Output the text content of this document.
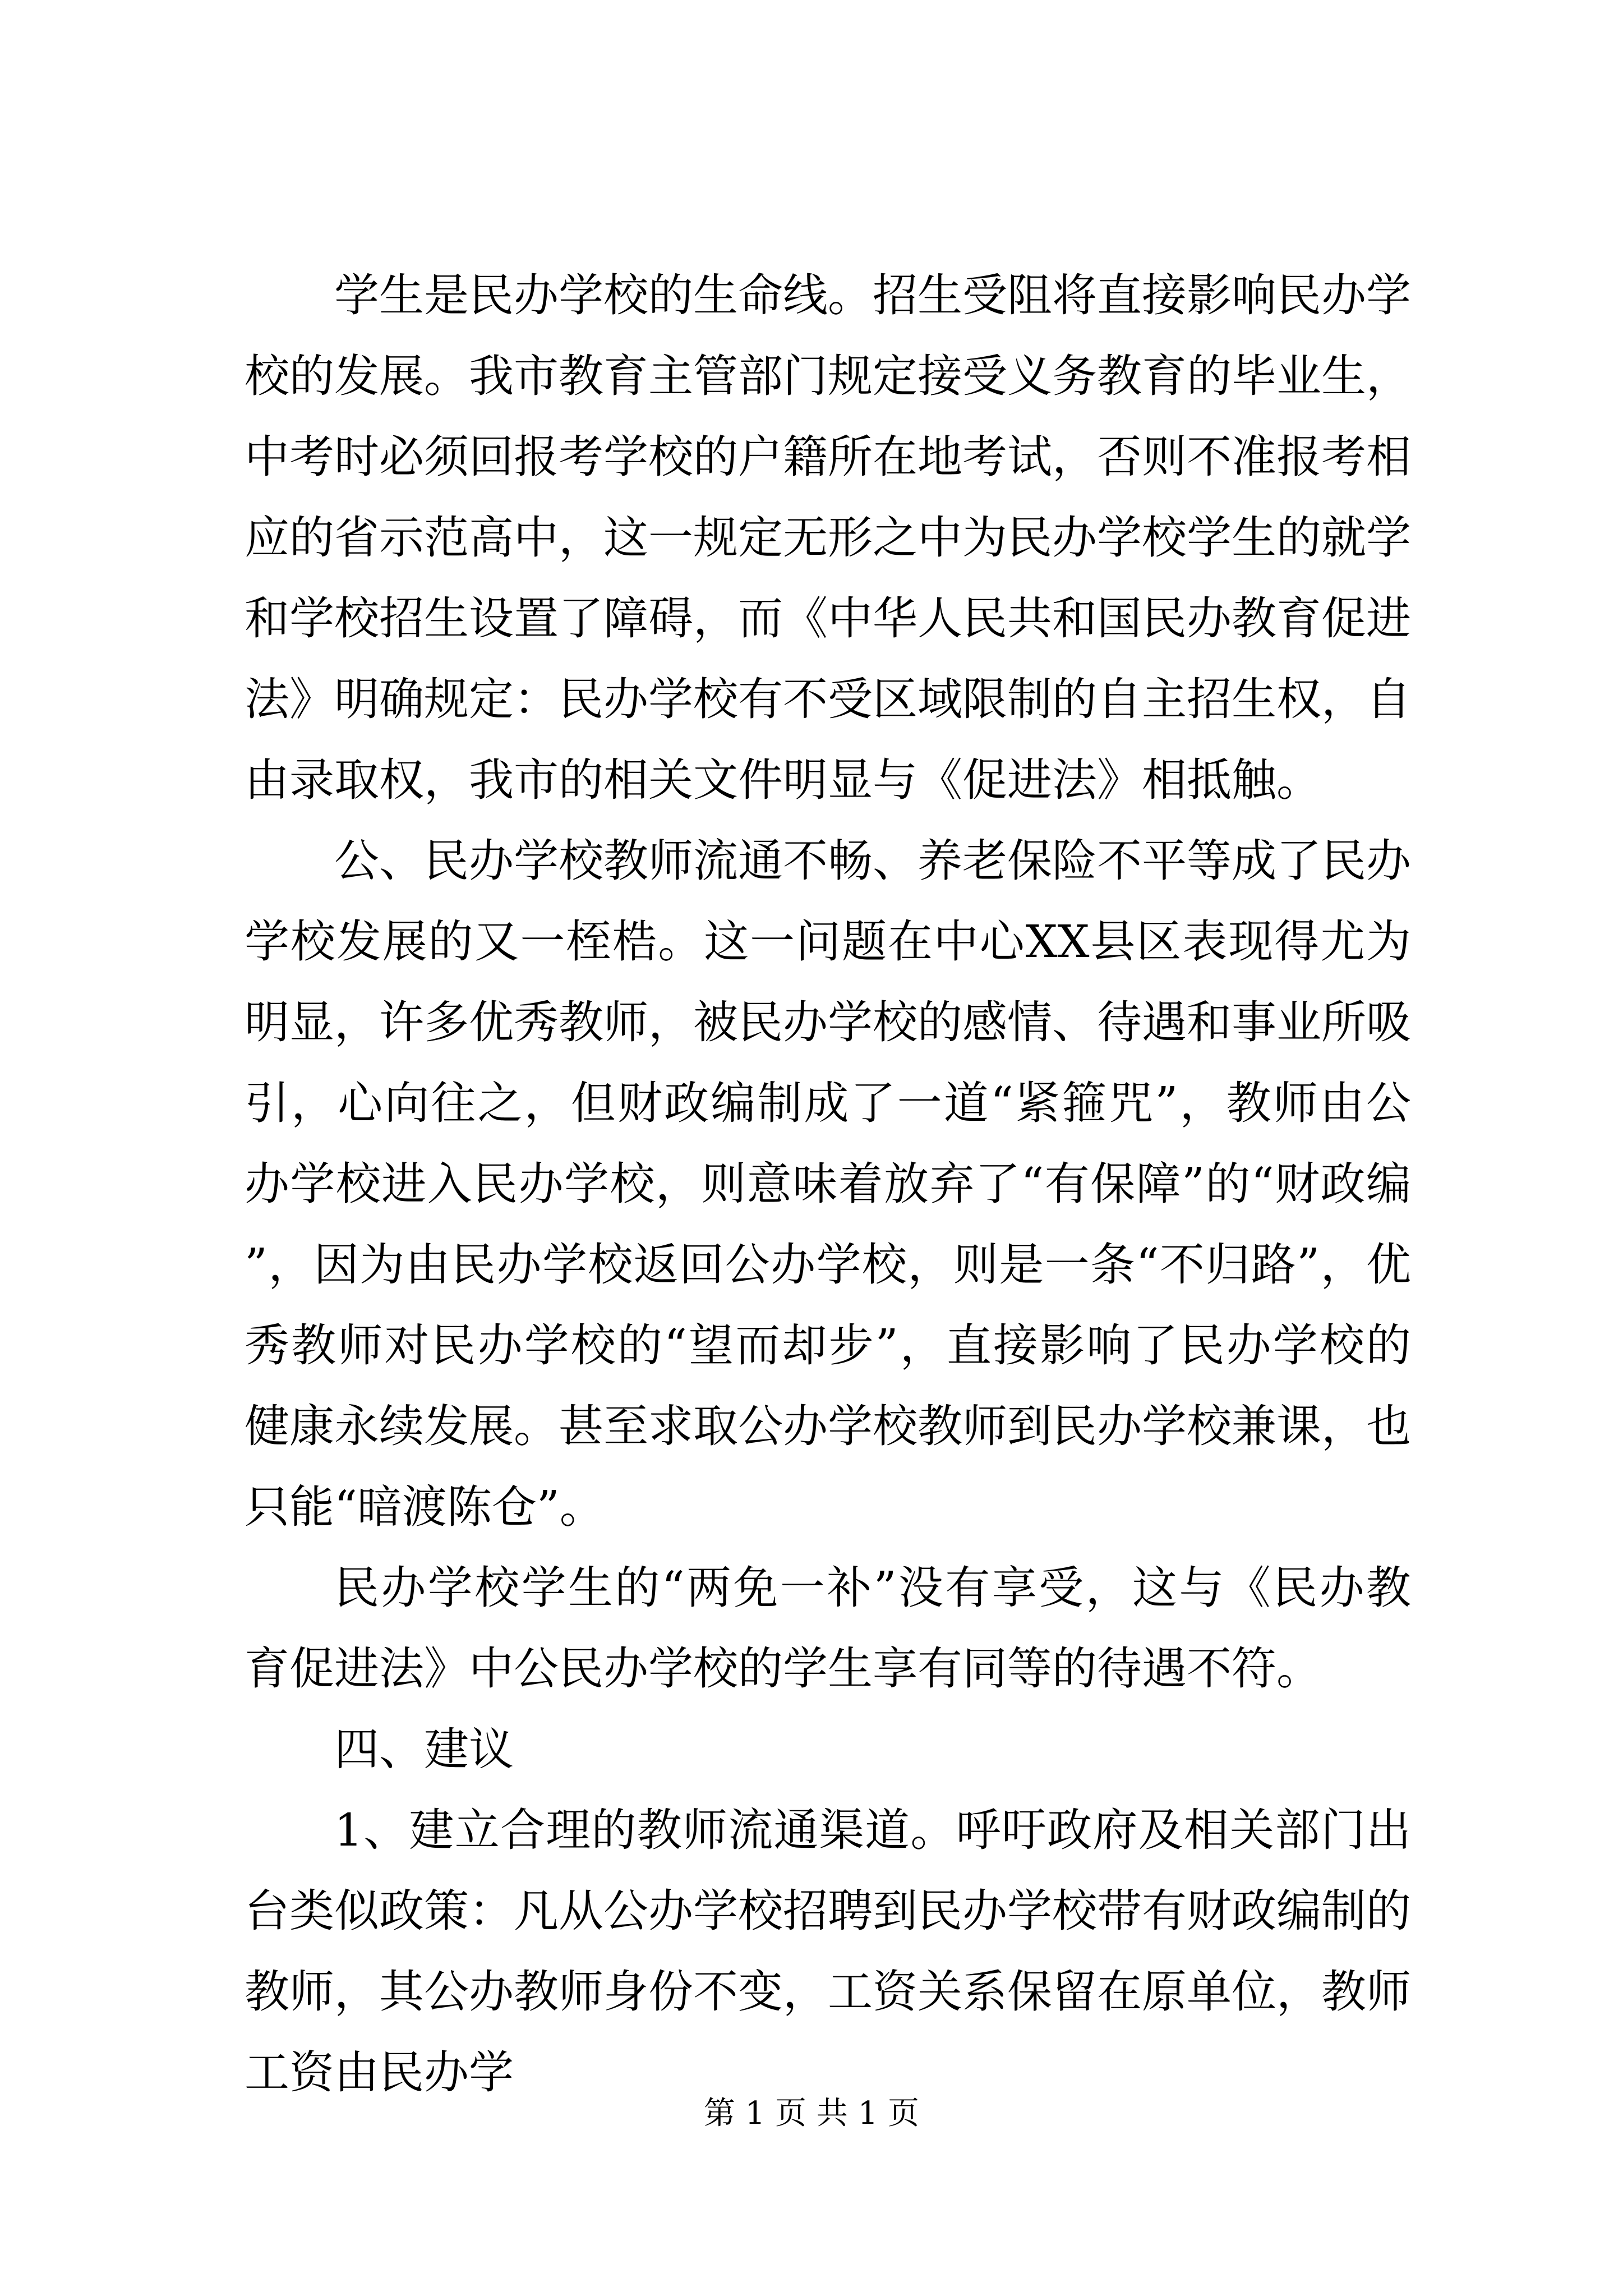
学生是民办学校的生命线。招生受阻将直接影响民办学校的发展。我市教育主管部门规定接受义务教育的毕业生，中考时必须回报考学校的户籍所在地考试，否则不准报考相应的省示范高中，这一规定无形之中为民办学校学生的就学和学校招生设置了障碍，而《中华人民共和国民办教育促进法》明确规定：民办学校有不受区域限制的自主招生权，自由录取权，我市的相关文件明显与《促进法》相抵触。

公、民办学校教师流通不畅、养老保险不平等成了民办学校发展的又一桎梏。这一问题在中心XX县区表现得尤为明显，许多优秀教师，被民办学校的感情、待遇和事业所吸引，心向往之，但财政编制成了一道“紧箍咒”，教师由公办学校进入民办学校，则意味着放弃了“有保障”的“财政编”，因为由民办学校返回公办学校，则是一条“不归路”，优秀教师对民办学校的“望而却步”，直接影响了民办学校的健康永续发展。甚至求取公办学校教师到民办学校兼课，也只能“暗渡陈仓”。

民办学校学生的“两免一补”没有享受，这与《民办教育促进法》中公民办学校的学生享有同等的待遇不符。

四、建议

1、建立合理的教师流通渠道。呼吁政府及相关部门出台类似政策：凡从公办学校招聘到民办学校带有财政编制的教师，其公办教师身份不变，工资关系保留在原单位，教师工资由民办学

第 1 页 共 1 页
